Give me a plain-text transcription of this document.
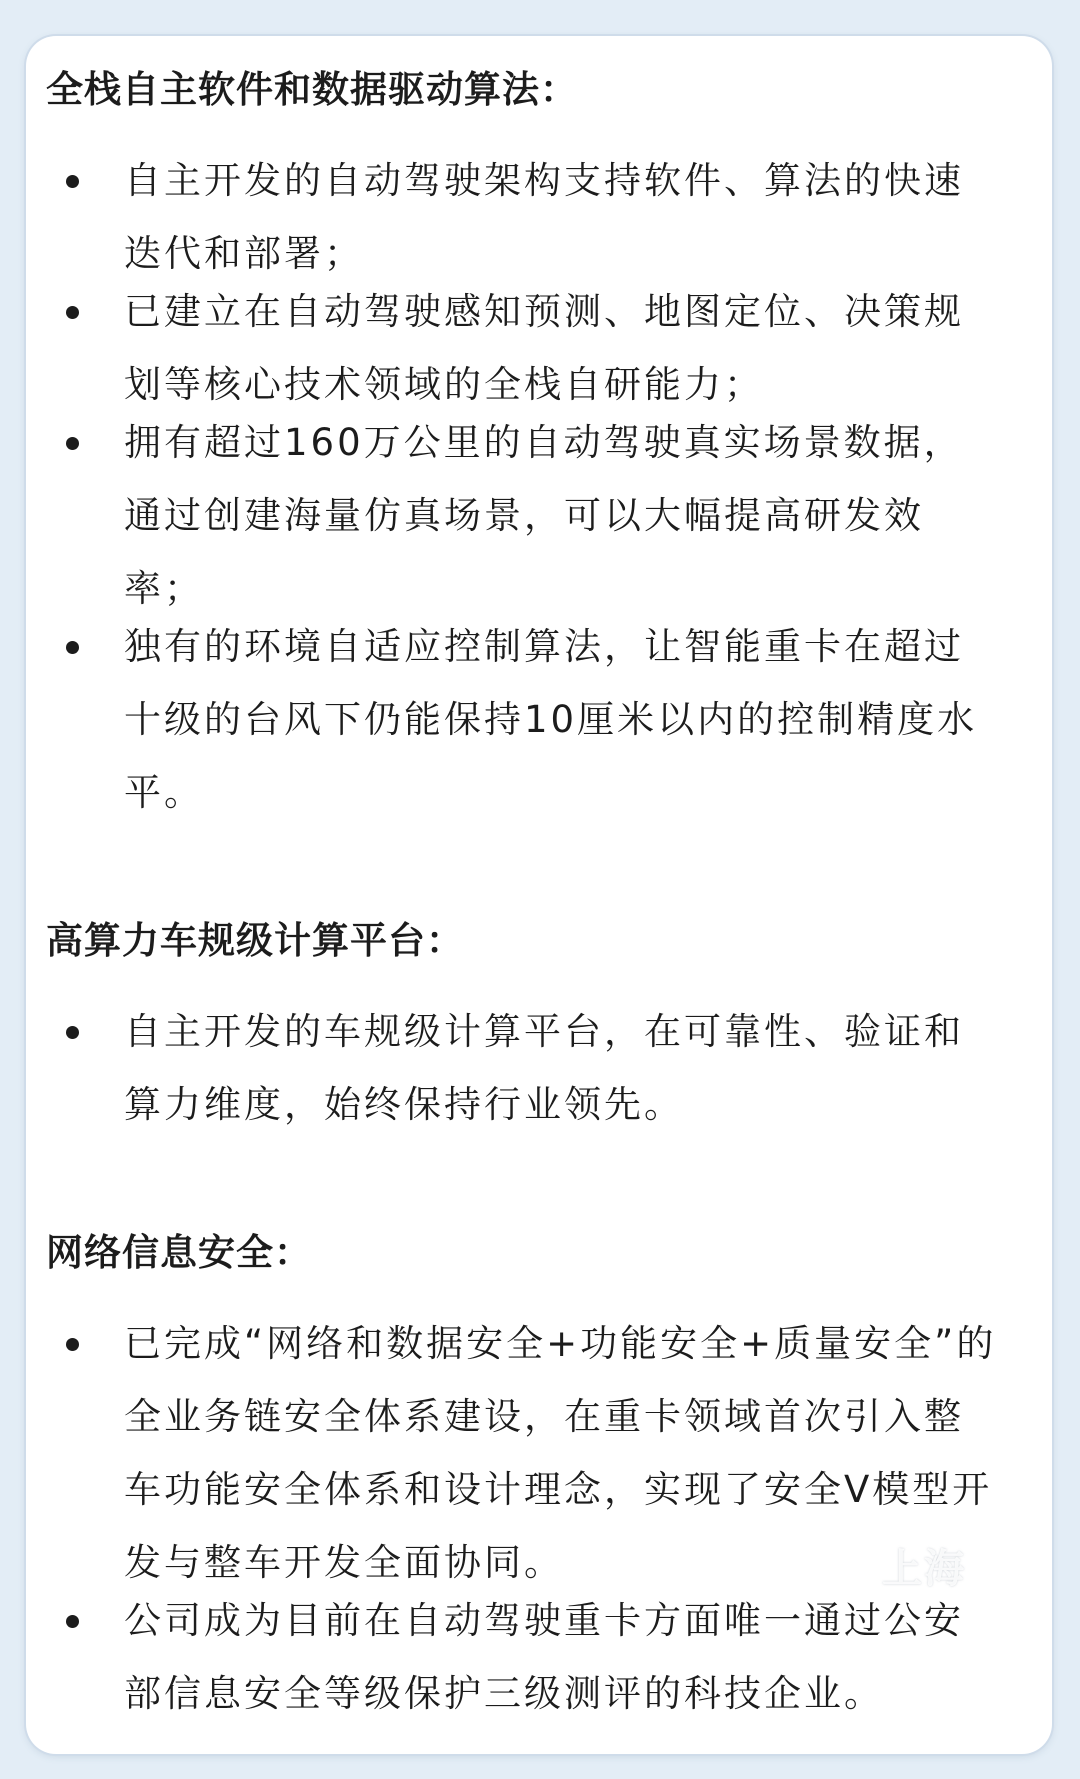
全栈自主软件和数据驱动算法：
自主开发的自动驾驶架构支持软件、算法的快速迭代和部署；
已建立在自动驾驶感知预测、地图定位、决策规划等核心技术领域的全栈自研能力；
拥有超过160万公里的自动驾驶真实场景数据，通过创建海量仿真场景，可以大幅提高研发效率；
独有的环境自适应控制算法，让智能重卡在超过十级的台风下仍能保持10厘米以内的控制精度水平。
高算力车规级计算平台：
自主开发的车规级计算平台，在可靠性、验证和算力维度，始终保持行业领先。
网络信息安全：
已完成“网络和数据安全+功能安全+质量安全”的全业务链安全体系建设，在重卡领域首次引入整车功能安全体系和设计理念，实现了安全V模型开发与整车开发全面协同。
公司成为目前在自动驾驶重卡方面唯一通过公安部信息安全等级保护三级测评的科技企业。
上海
